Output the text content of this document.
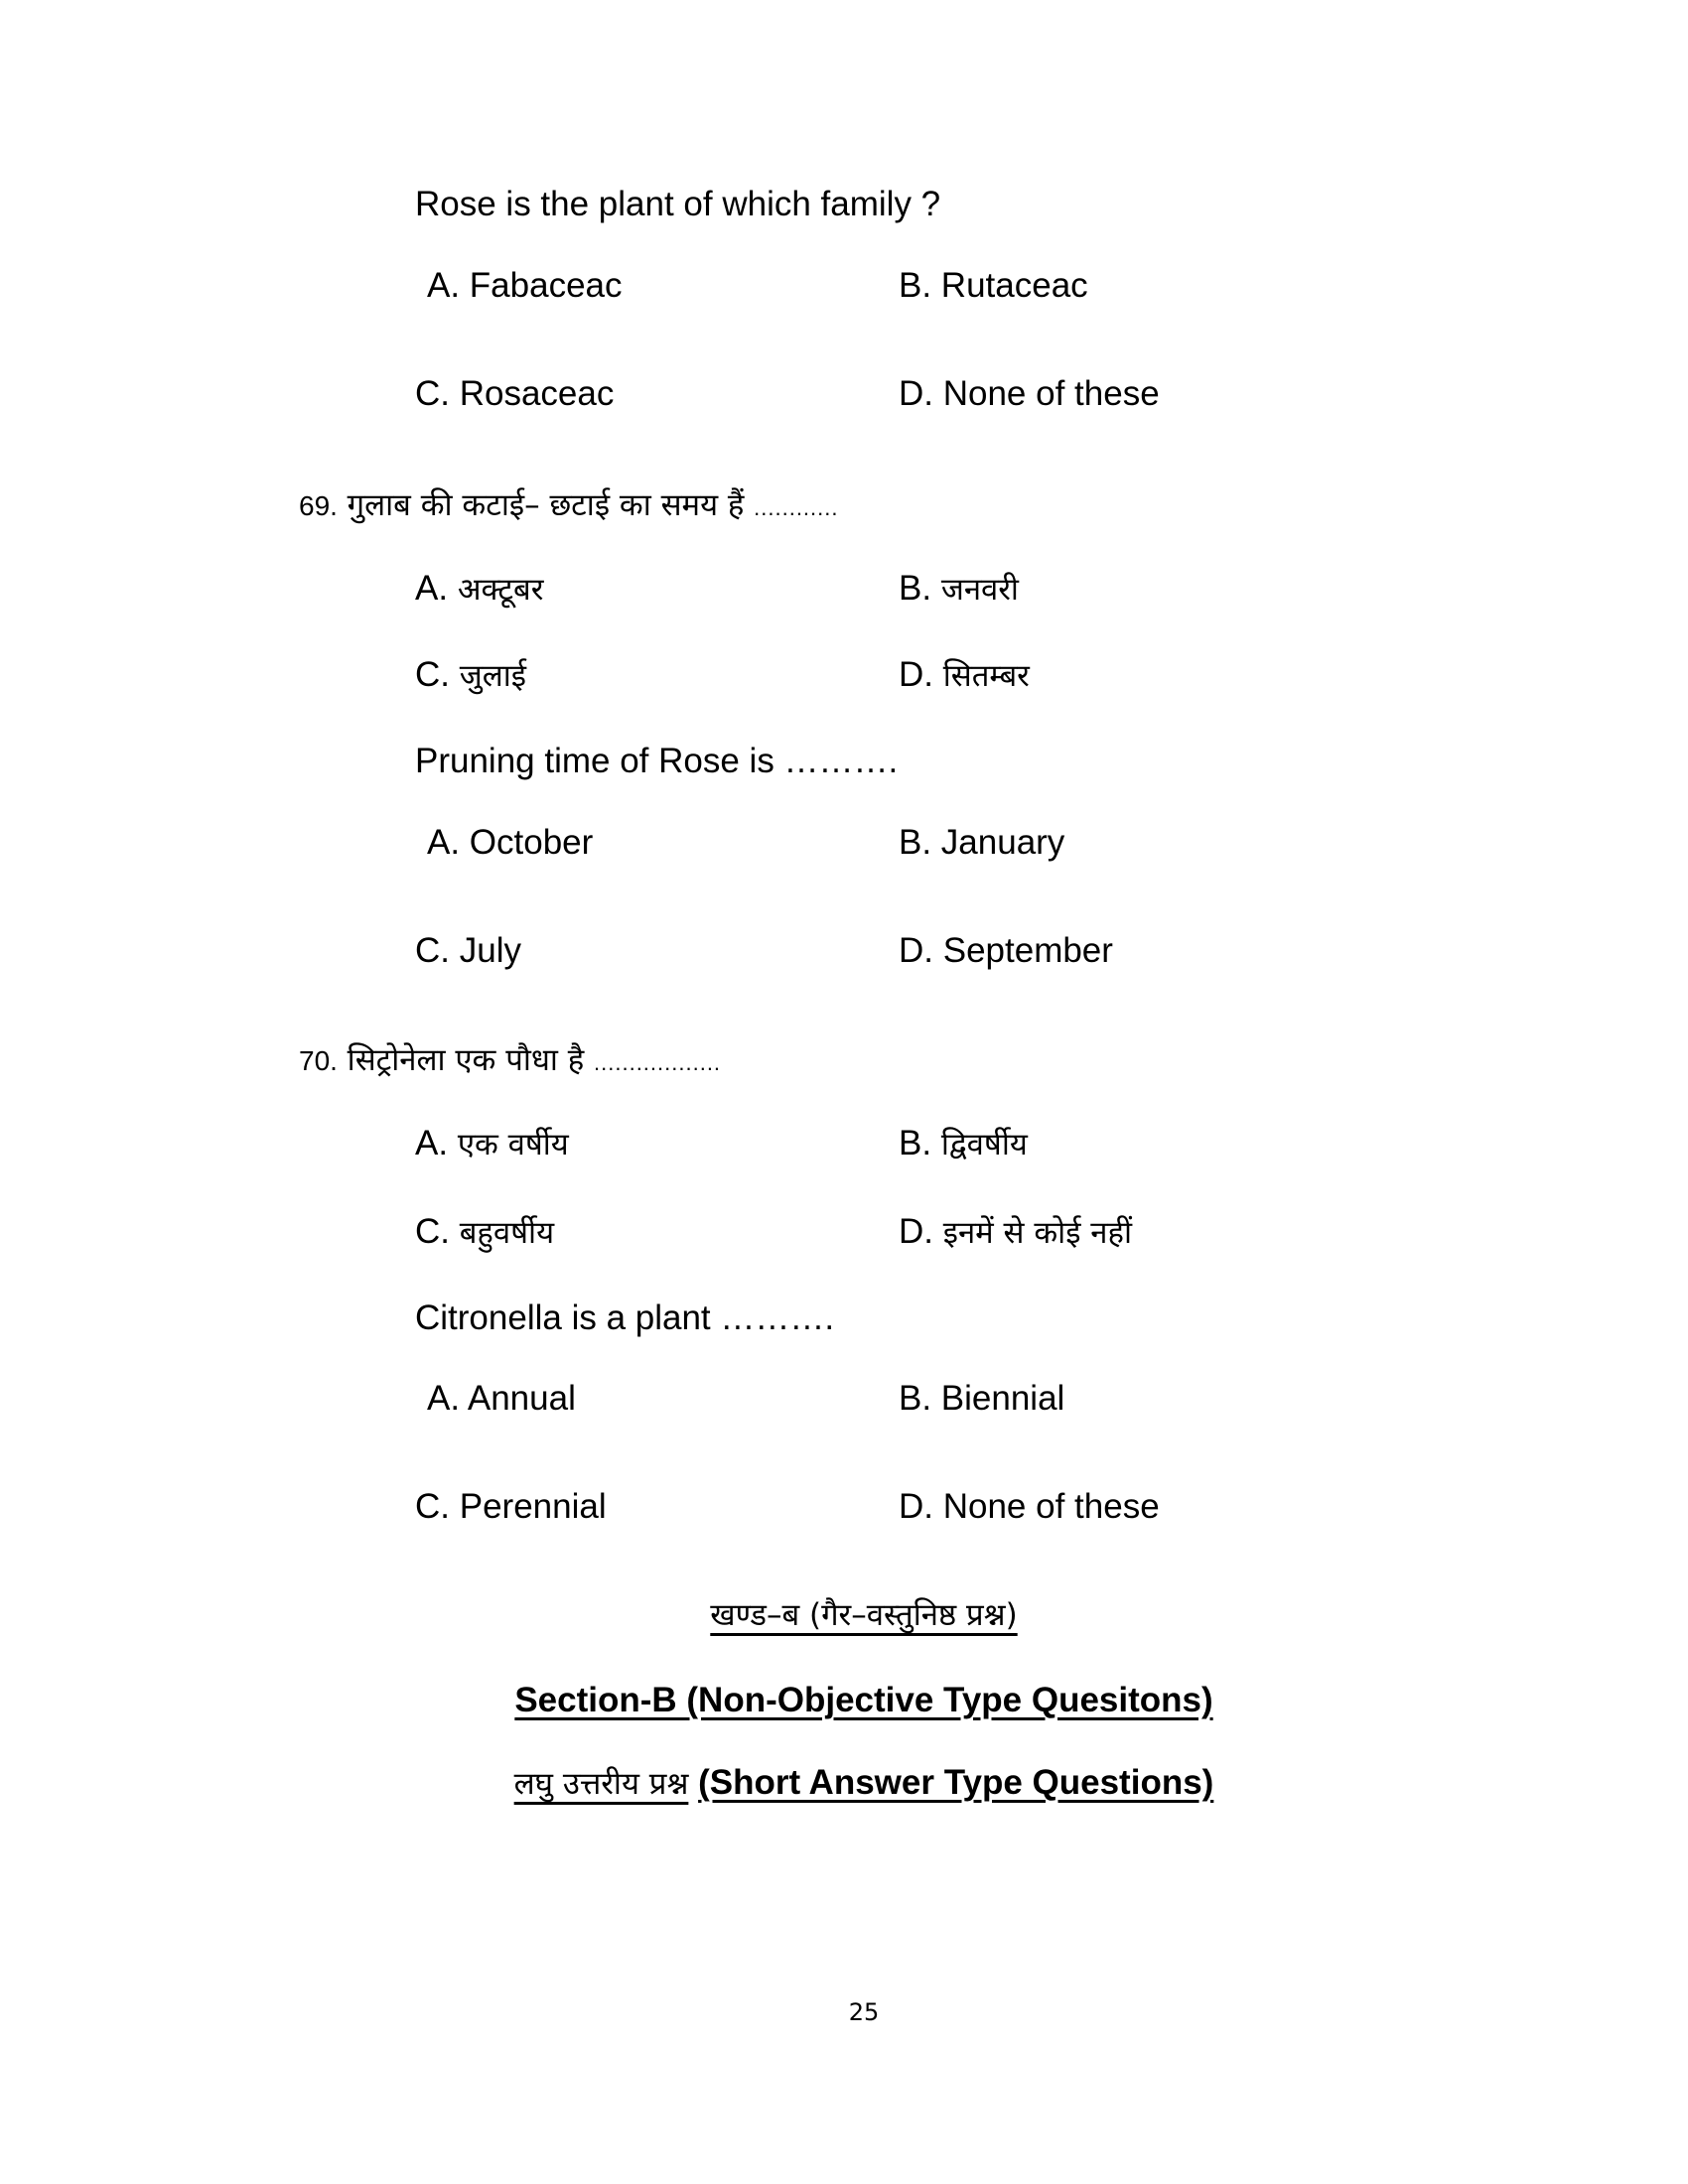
Rose is the plant of which family ?
A. Fabaceac	B. Rutaceac
C. Rosaceac	D. None of these
69. गुलाब की कटाई– छटाई का समय हैं ............
A. अक्टूबर	B. जनवरी
C. जुलाई	D. सितम्बर
Pruning time of Rose is ……….
A. October	B. January
C. July	D. September
70. सिट्रोनेला एक पौधा है ..................
A. एक वर्षीय	B. द्विवर्षीय
C. बहुवर्षीय	D. इनमें से कोई नहीं
Citronella is a plant ……….
A. Annual	B. Biennial
C. Perennial	D. None of these
खण्ड–ब (गैर–वस्तुनिष्ठ प्रश्न)
Section-B (Non-Objective Type Quesitons)
लघु उत्तरीय प्रश्न (Short Answer Type Questions)
25
